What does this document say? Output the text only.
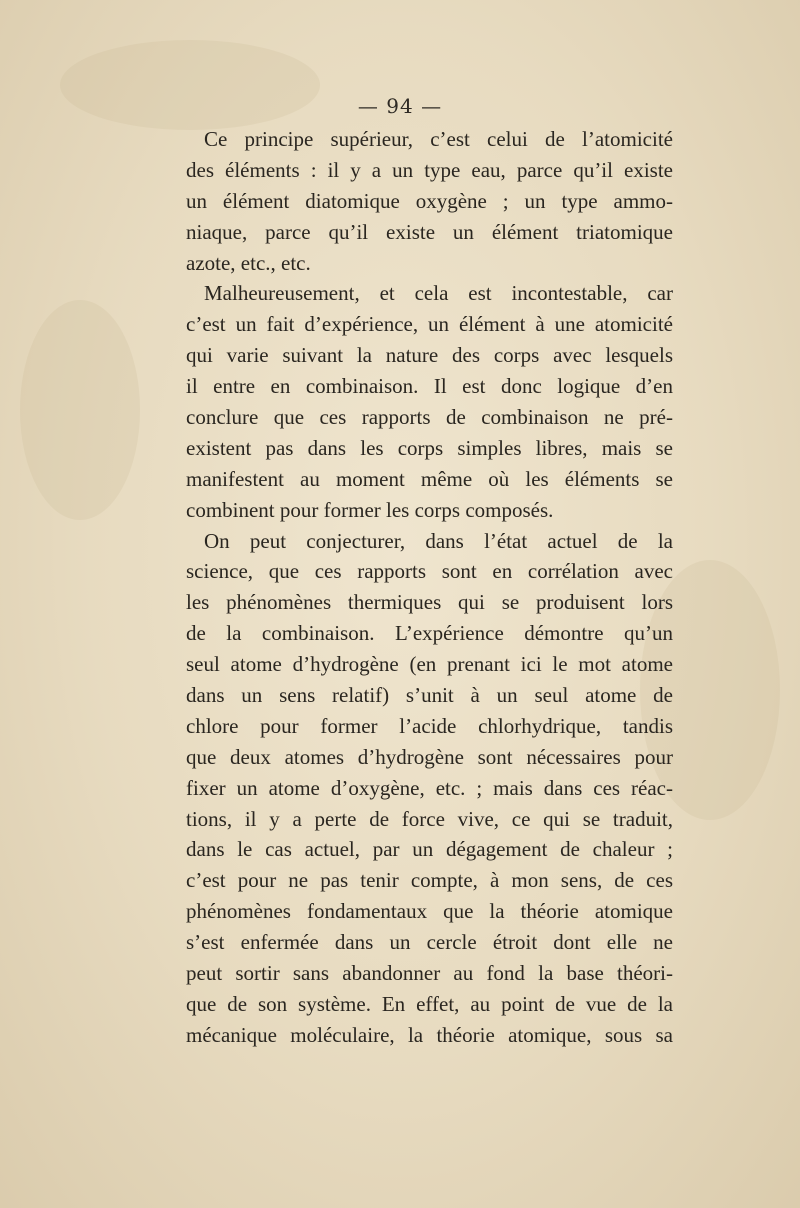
— 94 —
Ce principe supérieur, c’est celui de l’atomicité
des éléments : il y a un type eau, parce qu’il existe
un élément diatomique oxygène ; un type ammo-
niaque, parce qu’il existe un élément triatomique
azote, etc., etc.
Malheureusement, et cela est incontestable, car
c’est un fait d’expérience, un élément à une atomicité
qui varie suivant la nature des corps avec lesquels
il entre en combinaison. Il est donc logique d’en
conclure que ces rapports de combinaison ne pré-
existent pas dans les corps simples libres, mais se
manifestent au moment même où les éléments se
combinent pour former les corps composés.
On peut conjecturer, dans l’état actuel de la
science, que ces rapports sont en corrélation avec
les phénomènes thermiques qui se produisent lors
de la combinaison. L’expérience démontre qu’un
seul atome d’hydrogène (en prenant ici le mot atome
dans un sens relatif) s’unit à un seul atome de
chlore pour former l’acide chlorhydrique, tandis
que deux atomes d’hydrogène sont nécessaires pour
fixer un atome d’oxygène, etc. ; mais dans ces réac-
tions, il y a perte de force vive, ce qui se traduit,
dans le cas actuel, par un dégagement de chaleur ;
c’est pour ne pas tenir compte, à mon sens, de ces
phénomènes fondamentaux que la théorie atomique
s’est enfermée dans un cercle étroit dont elle ne
peut sortir sans abandonner au fond la base théori-
que de son système. En effet, au point de vue de la
mécanique moléculaire, la théorie atomique, sous sa
